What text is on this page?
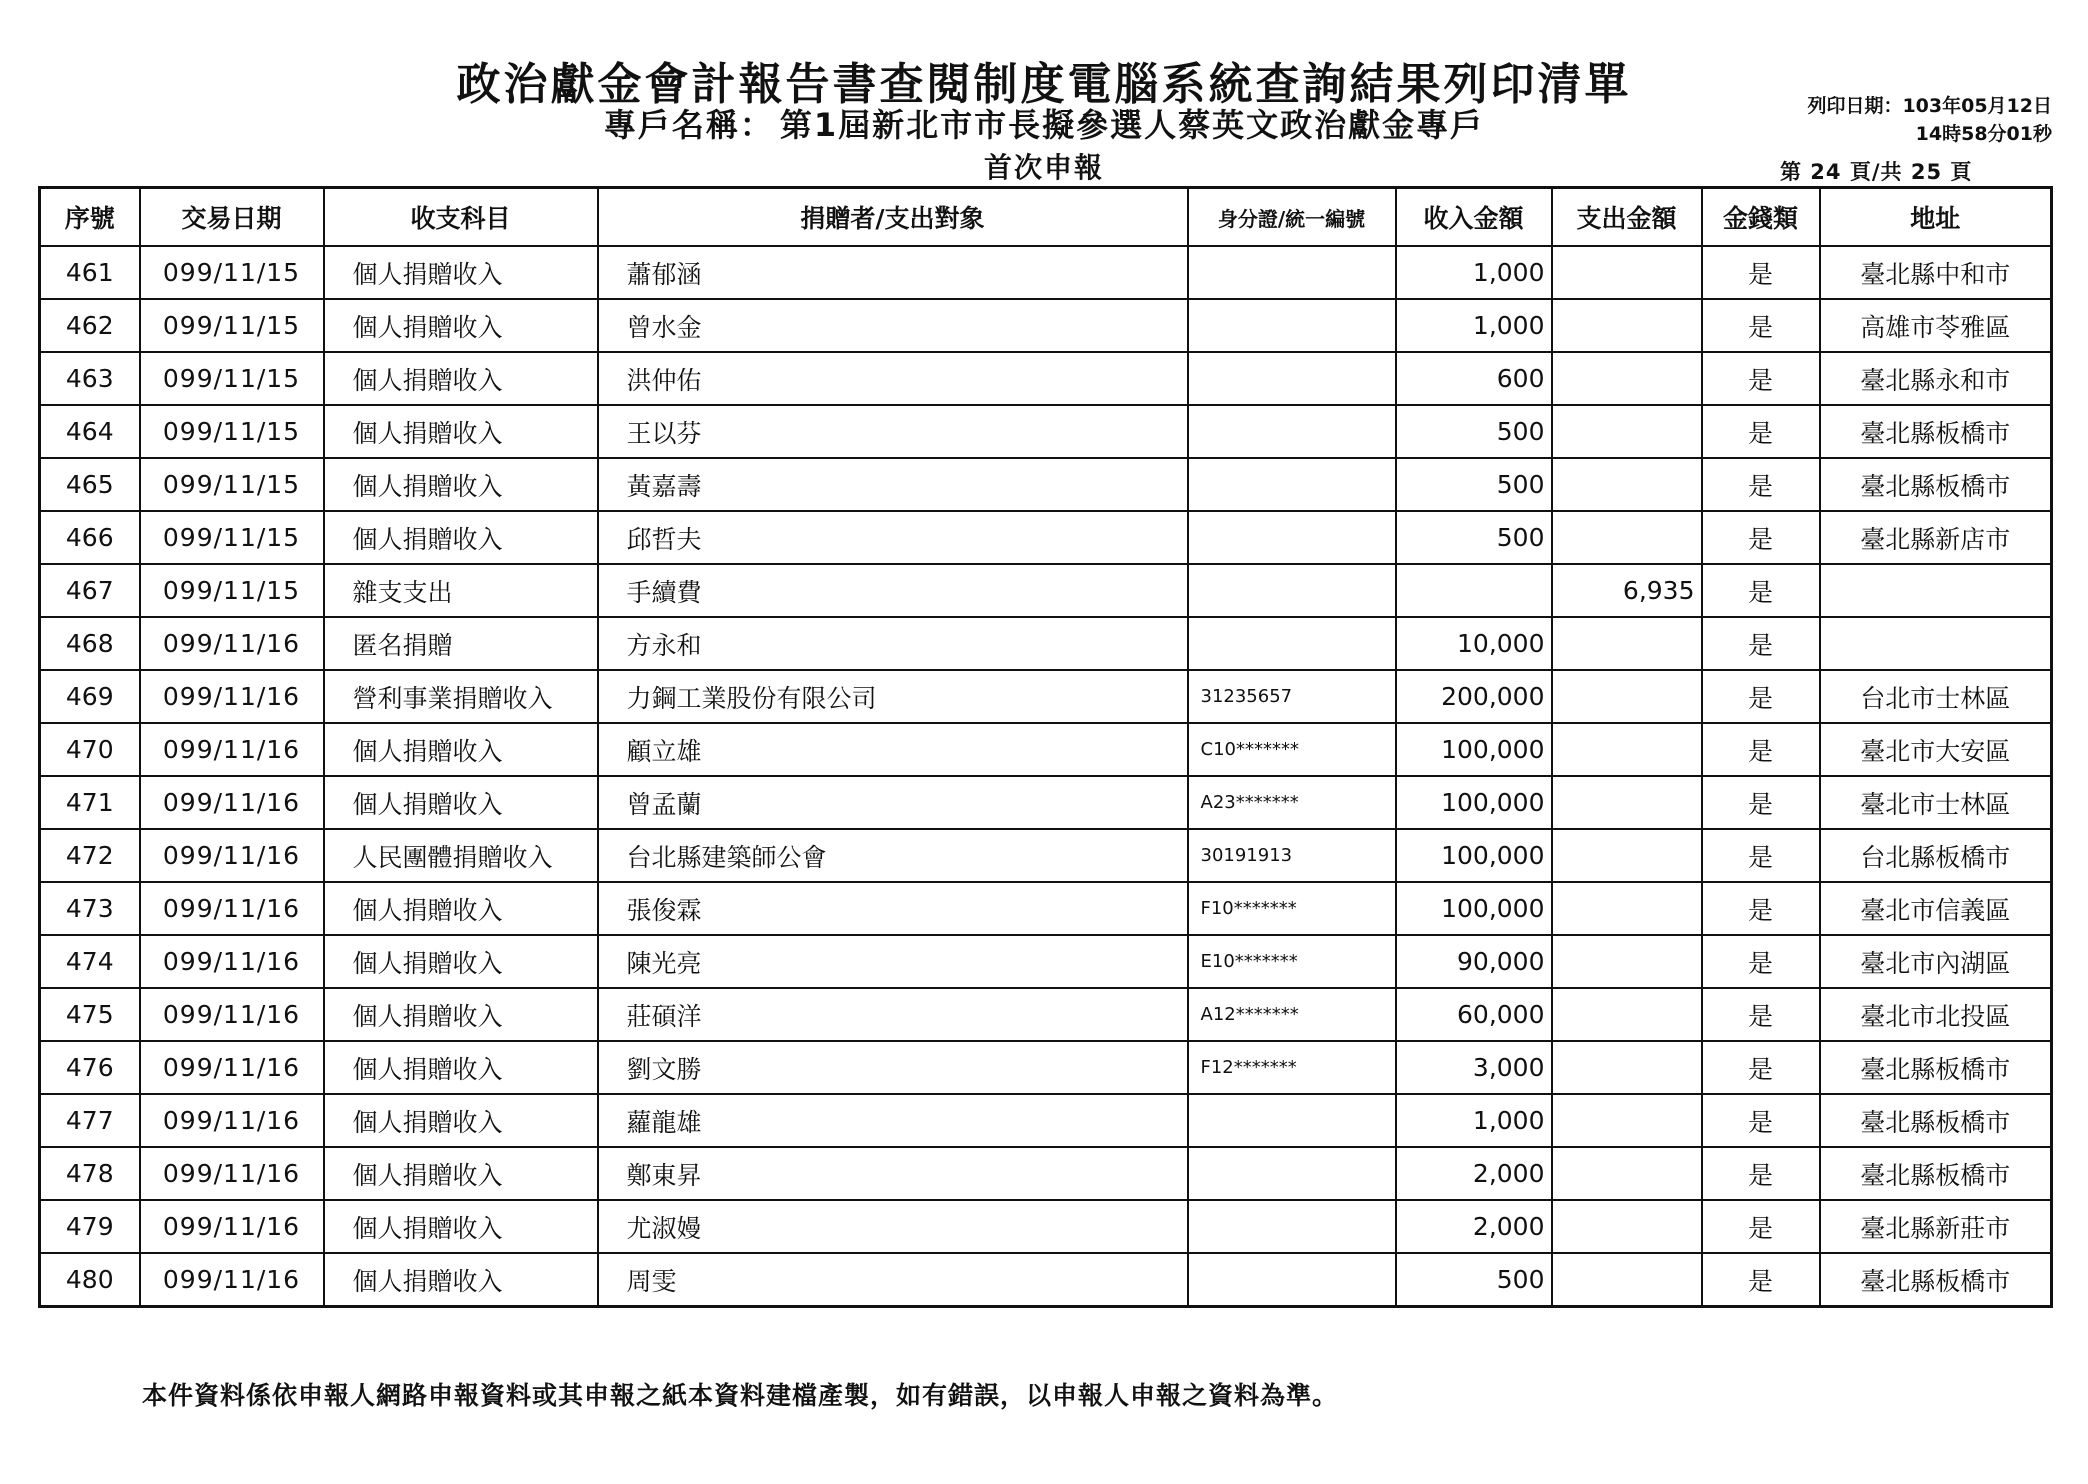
政治獻金會計報告書查閱制度電腦系統查詢結果列印清單
專戶名稱： 第1屆新北市市長擬參選人蔡英文政治獻金專戶
首次申報
列印日期：103年05月12日
14時58分01秒
第 24 頁/共 25 頁
序號	交易日期	收支科目	捐贈者/支出對象	身分證/統一編號	收入金額	支出金額	金錢類	地址
461	099/11/15	個人捐贈收入	蕭郁涵		1,000		是	臺北縣中和市
462	099/11/15	個人捐贈收入	曾水金		1,000		是	高雄市苓雅區
463	099/11/15	個人捐贈收入	洪仲佑		600		是	臺北縣永和市
464	099/11/15	個人捐贈收入	王以芬		500		是	臺北縣板橋市
465	099/11/15	個人捐贈收入	黃嘉壽		500		是	臺北縣板橋市
466	099/11/15	個人捐贈收入	邱哲夫		500		是	臺北縣新店市
467	099/11/15	雜支支出	手續費			6,935	是	
468	099/11/16	匿名捐贈	方永和		10,000		是	
469	099/11/16	營利事業捐贈收入	力鋼工業股份有限公司	31235657	200,000		是	台北市士林區
470	099/11/16	個人捐贈收入	顧立雄	C10*******	100,000		是	臺北市大安區
471	099/11/16	個人捐贈收入	曾孟蘭	A23*******	100,000		是	臺北市士林區
472	099/11/16	人民團體捐贈收入	台北縣建築師公會	30191913	100,000		是	台北縣板橋市
473	099/11/16	個人捐贈收入	張俊霖	F10*******	100,000		是	臺北市信義區
474	099/11/16	個人捐贈收入	陳光亮	E10*******	90,000		是	臺北市內湖區
475	099/11/16	個人捐贈收入	莊碩洋	A12*******	60,000		是	臺北市北投區
476	099/11/16	個人捐贈收入	劉文勝	F12*******	3,000		是	臺北縣板橋市
477	099/11/16	個人捐贈收入	蘿龍雄		1,000		是	臺北縣板橋市
478	099/11/16	個人捐贈收入	鄭東昇		2,000		是	臺北縣板橋市
479	099/11/16	個人捐贈收入	尤淑嫚		2,000		是	臺北縣新莊市
480	099/11/16	個人捐贈收入	周雯		500		是	臺北縣板橋市
本件資料係依申報人網路申報資料或其申報之紙本資料建檔產製，如有錯誤，以申報人申報之資料為準。
